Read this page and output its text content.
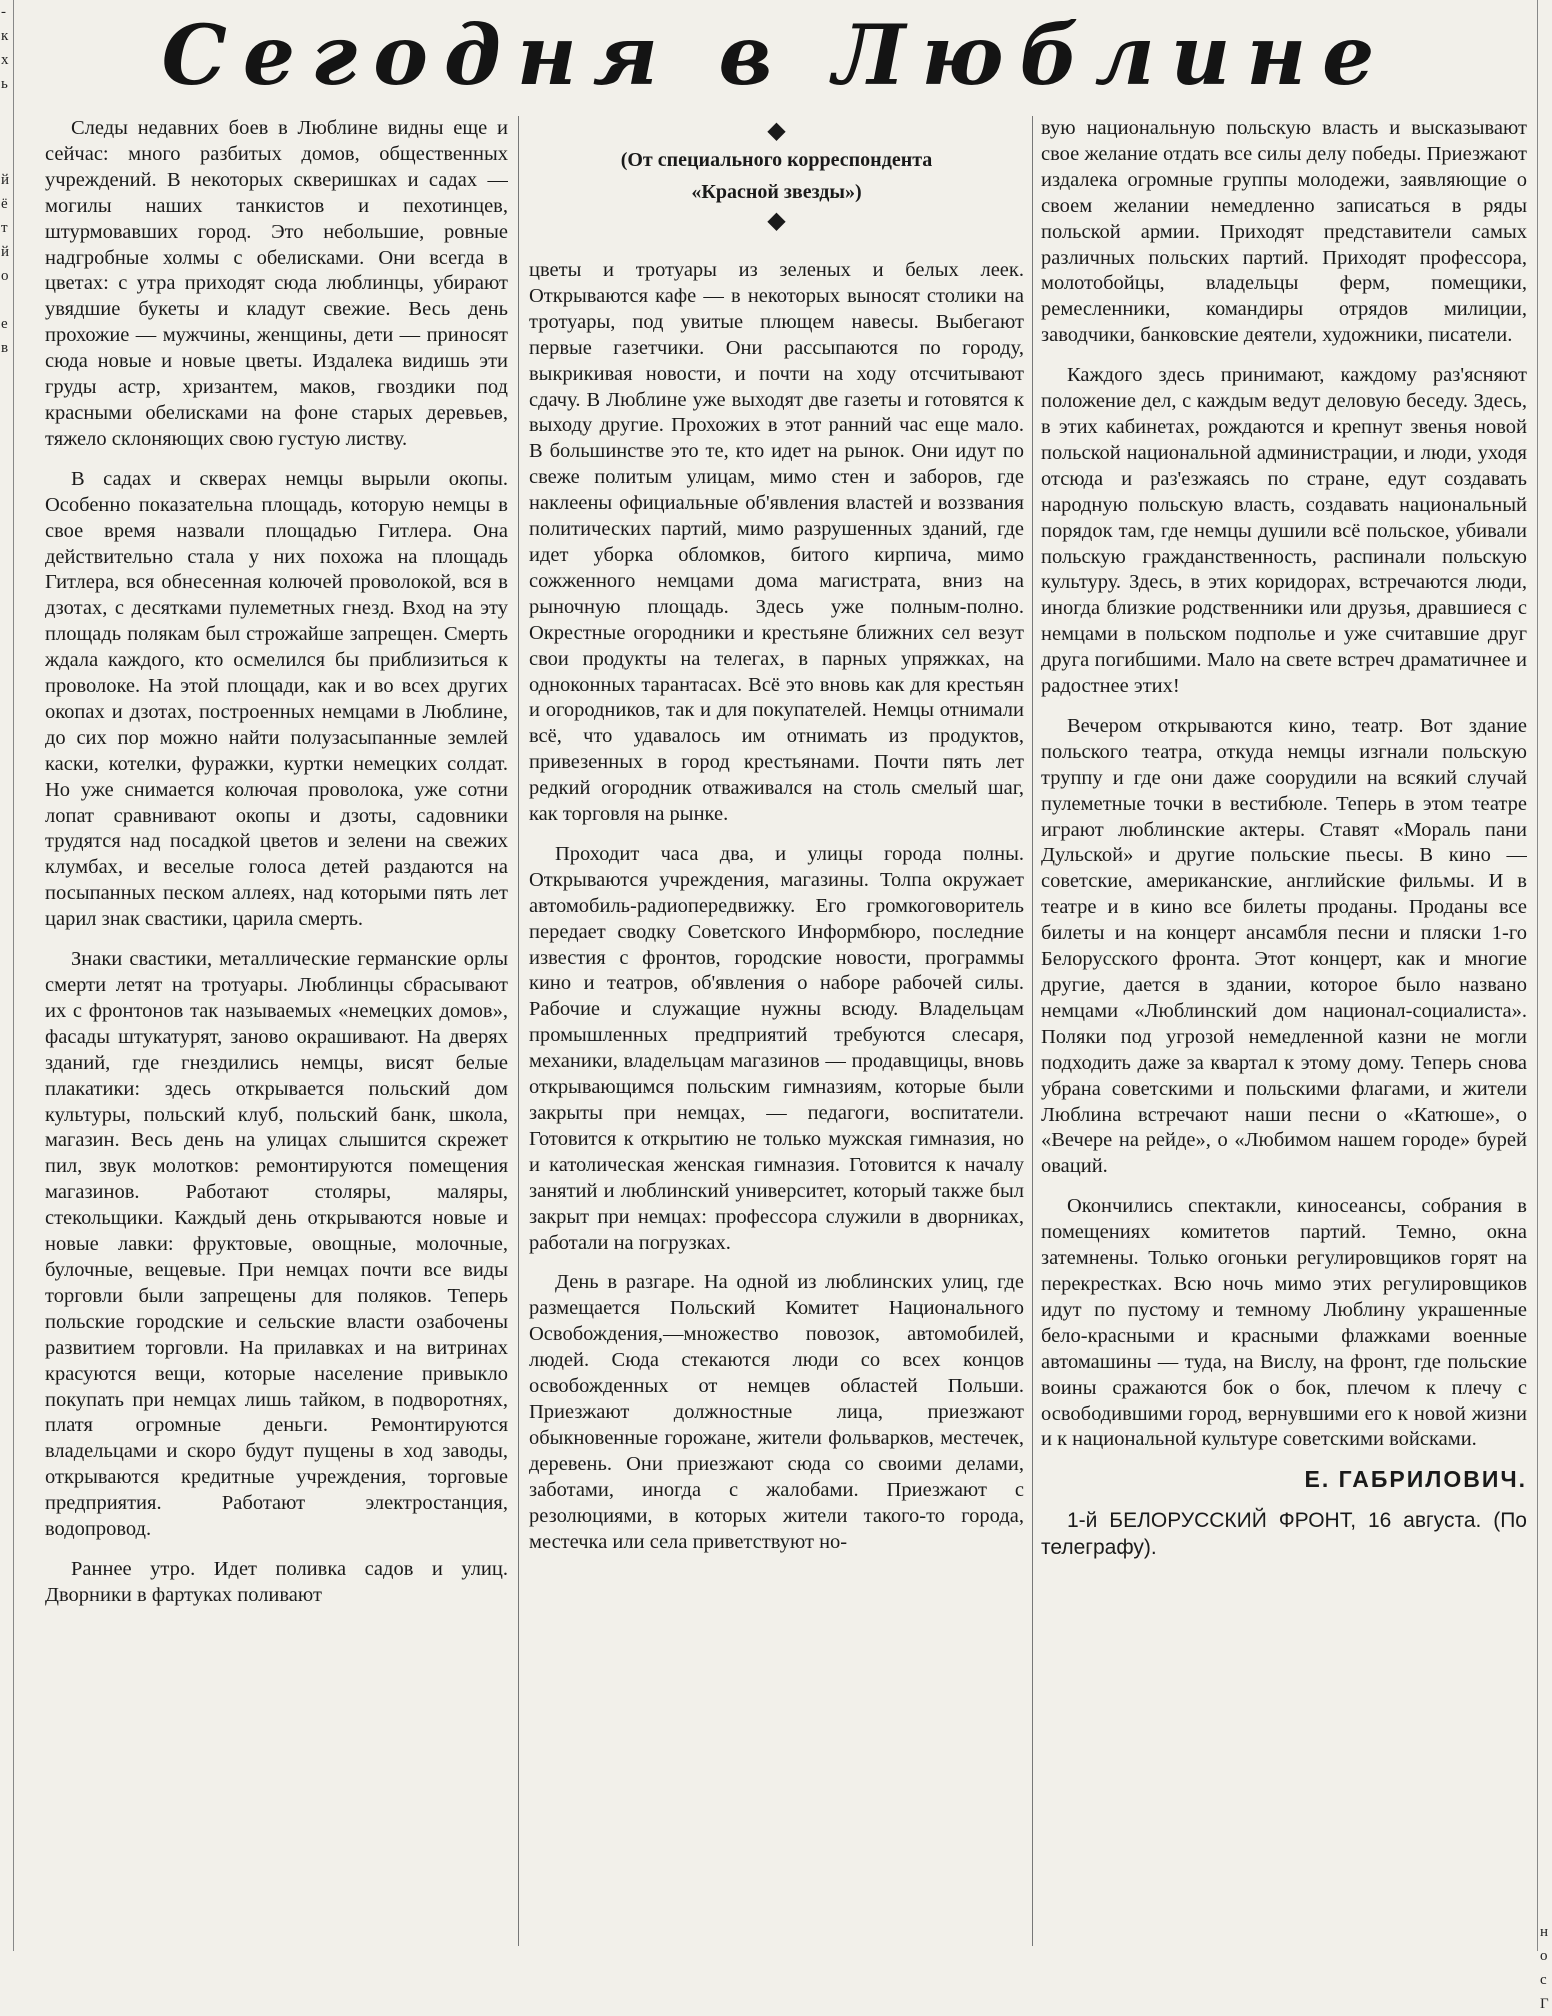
-
к
х
ь
й
ё
т
й
о
е
в
Сегодня в Люблине

Следы недавних боев в Люблине видны еще и сейчас: много разбитых домов, общественных учреждений. В некоторых скверишках и садах — могилы наших танкистов и пехотинцев, штурмовавших город. Это небольшие, ровные надгробные холмы с обелисками. Они всегда в цветах: с утра приходят сюда люблинцы, убирают увядшие букеты и кладут свежие. Весь день прохожие — мужчины, женщины, дети — приносят сюда новые и новые цветы. Издалека видишь эти груды астр, хризантем, маков, гвоздики под красными обелисками на фоне старых деревьев, тяжело склоняющих свою густую листву.

В садах и скверах немцы вырыли окопы. Особенно показательна площадь, которую немцы в свое время назвали площадью Гитлера. Она действительно стала у них похожа на площадь Гитлера, вся обнесенная колючей проволокой, вся в дзотах, с десятками пулеметных гнезд. Вход на эту площадь полякам был строжайше запрещен. Смерть ждала каждого, кто осмелился бы приблизиться к проволоке. На этой площади, как и во всех других окопах и дзотах, построенных немцами в Люблине, до сих пор можно найти полузасыпанные землей каски, котелки, фуражки, куртки немецких солдат. Но уже снимается колючая проволока, уже сотни лопат сравнивают окопы и дзоты, садовники трудятся над посадкой цветов и зелени на свежих клумбах, и веселые голоса детей раздаются на посыпанных песком аллеях, над которыми пять лет царил знак свастики, царила смерть.

Знаки свастики, металлические германские орлы смерти летят на тротуары. Люблинцы сбрасывают их с фронтонов так называемых «немецких домов», фасады штукатурят, заново окрашивают. На дверях зданий, где гнездились немцы, висят белые плакатики: здесь открывается польский дом культуры, польский клуб, польский банк, школа, магазин. Весь день на улицах слышится скрежет пил, звук молотков: ремонтируются помещения магазинов. Работают столяры, маляры, стекольщики. Каждый день открываются новые и новые лавки: фруктовые, овощные, молочные, булочные, вещевые. При немцах почти все виды торговли были запрещены для поляков. Теперь польские городские и сельские власти озабочены развитием торговли. На прилавках и на витринах красуются вещи, которые население привыкло покупать при немцах лишь тайком, в подворотнях, платя огромные деньги. Ремонтируются владельцами и скоро будут пущены в ход заводы, открываются кредитные учреждения, торговые предприятия. Работают электростанция, водопровод.

Раннее утро. Идет поливка садов и улиц. Дворники в фартуках поливают

◆
(От специального корреспондента
«Красной звезды»)
◆

цветы и тротуары из зеленых и белых леек. Открываются кафе — в некоторых выносят столики на тротуары, под увитые плющем навесы. Выбегают первые газетчики. Они рассыпаются по городу, выкрикивая новости, и почти на ходу отсчитывают сдачу. В Люблине уже выходят две газеты и готовятся к выходу другие. Прохожих в этот ранний час еще мало. В большинстве это те, кто идет на рынок. Они идут по свеже политым улицам, мимо стен и заборов, где наклеены официальные об'явления властей и воззвания политических партий, мимо разрушенных зданий, где идет уборка обломков, битого кирпича, мимо сожженного немцами дома магистрата, вниз на рыночную площадь. Здесь уже полным-полно. Окрестные огородники и крестьяне ближних сел везут свои продукты на телегах, в парных упряжках, на одноконных тарантасах. Всё это вновь как для крестьян и огородников, так и для покупателей. Немцы отнимали всё, что удавалось им отнимать из продуктов, привезенных в город крестьянами. Почти пять лет редкий огородник отваживался на столь смелый шаг, как торговля на рынке.

Проходит часа два, и улицы города полны. Открываются учреждения, магазины. Толпа окружает автомобиль-радиопередвижку. Его громкоговоритель передает сводку Советского Информбюро, последние известия с фронтов, городские новости, программы кино и театров, об'явления о наборе рабочей силы. Рабочие и служащие нужны всюду. Владельцам промышленных предприятий требуются слесаря, механики, владельцам магазинов — продавщицы, вновь открывающимся польским гимназиям, которые были закрыты при немцах, — педагоги, воспитатели. Готовится к открытию не только мужская гимназия, но и католическая женская гимназия. Готовится к началу занятий и люблинский университет, который также был закрыт при немцах: профессора служили в дворниках, работали на погрузках.

День в разгаре. На одной из люблинских улиц, где размещается Польский Комитет Национального Освобождения,—множество повозок, автомобилей, людей. Сюда стекаются люди со всех концов освобожденных от немцев областей Польши. Приезжают должностные лица, приезжают обыкновенные горожане, жители фольварков, местечек, деревень. Они приезжают сюда со своими делами, заботами, иногда с жалобами. Приезжают с резолюциями, в которых жители такого-то города, местечка или села приветствуют но-

вую национальную польскую власть и высказывают свое желание отдать все силы делу победы. Приезжают издалека огромные группы молодежи, заявляющие о своем желании немедленно записаться в ряды польской армии. Приходят представители самых различных польских партий. Приходят профессора, молотобойцы, владельцы ферм, помещики, ремесленники, командиры отрядов милиции, заводчики, банковские деятели, художники, писатели.

Каждого здесь принимают, каждому раз'ясняют положение дел, с каждым ведут деловую беседу. Здесь, в этих кабинетах, рождаются и крепнут звенья новой польской национальной администрации, и люди, уходя отсюда и раз'езжаясь по стране, едут создавать народную польскую власть, создавать национальный порядок там, где немцы душили всё польское, убивали польскую гражданственность, распинали польскую культуру. Здесь, в этих коридорах, встречаются люди, иногда близкие родственники или друзья, дравшиеся с немцами в польском подполье и уже считавшие друг друга погибшими. Мало на свете встреч драматичнее и радостнее этих!

Вечером открываются кино, театр. Вот здание польского театра, откуда немцы изгнали польскую труппу и где они даже соорудили на всякий случай пулеметные точки в вестибюле. Теперь в этом театре играют люблинские актеры. Ставят «Мораль пани Дульской» и другие польские пьесы. В кино — советские, американские, английские фильмы. И в театре и в кино все билеты проданы. Проданы все билеты и на концерт ансамбля песни и пляски 1-го Белорусского фронта. Этот концерт, как и многие другие, дается в здании, которое было названо немцами «Люблинский дом национал-социалиста». Поляки под угрозой немедленной казни не могли подходить даже за квартал к этому дому. Теперь снова убрана советскими и польскими флагами, и жители Люблина встречают наши песни о «Катюше», о «Вечере на рейде», о «Любимом нашем городе» бурей оваций.

Окончились спектакли, киносеансы, собрания в помещениях комитетов партий. Темно, окна затемнены. Только огоньки регулировщиков горят на перекрестках. Всю ночь мимо этих регулировщиков идут по пустому и темному Люблину украшенные бело-красными и красными флажками военные автомашины — туда, на Вислу, на фронт, где польские воины сражаются бок о бок, плечом к плечу с освободившими город, вернувшими его к новой жизни и к национальной культуре советскими войсками.

Е. ГАБРИЛОВИЧ.

1-й БЕЛОРУССКИЙ ФРОНТ, 16 августа. (По телеграфу).

н
о
с
Г
